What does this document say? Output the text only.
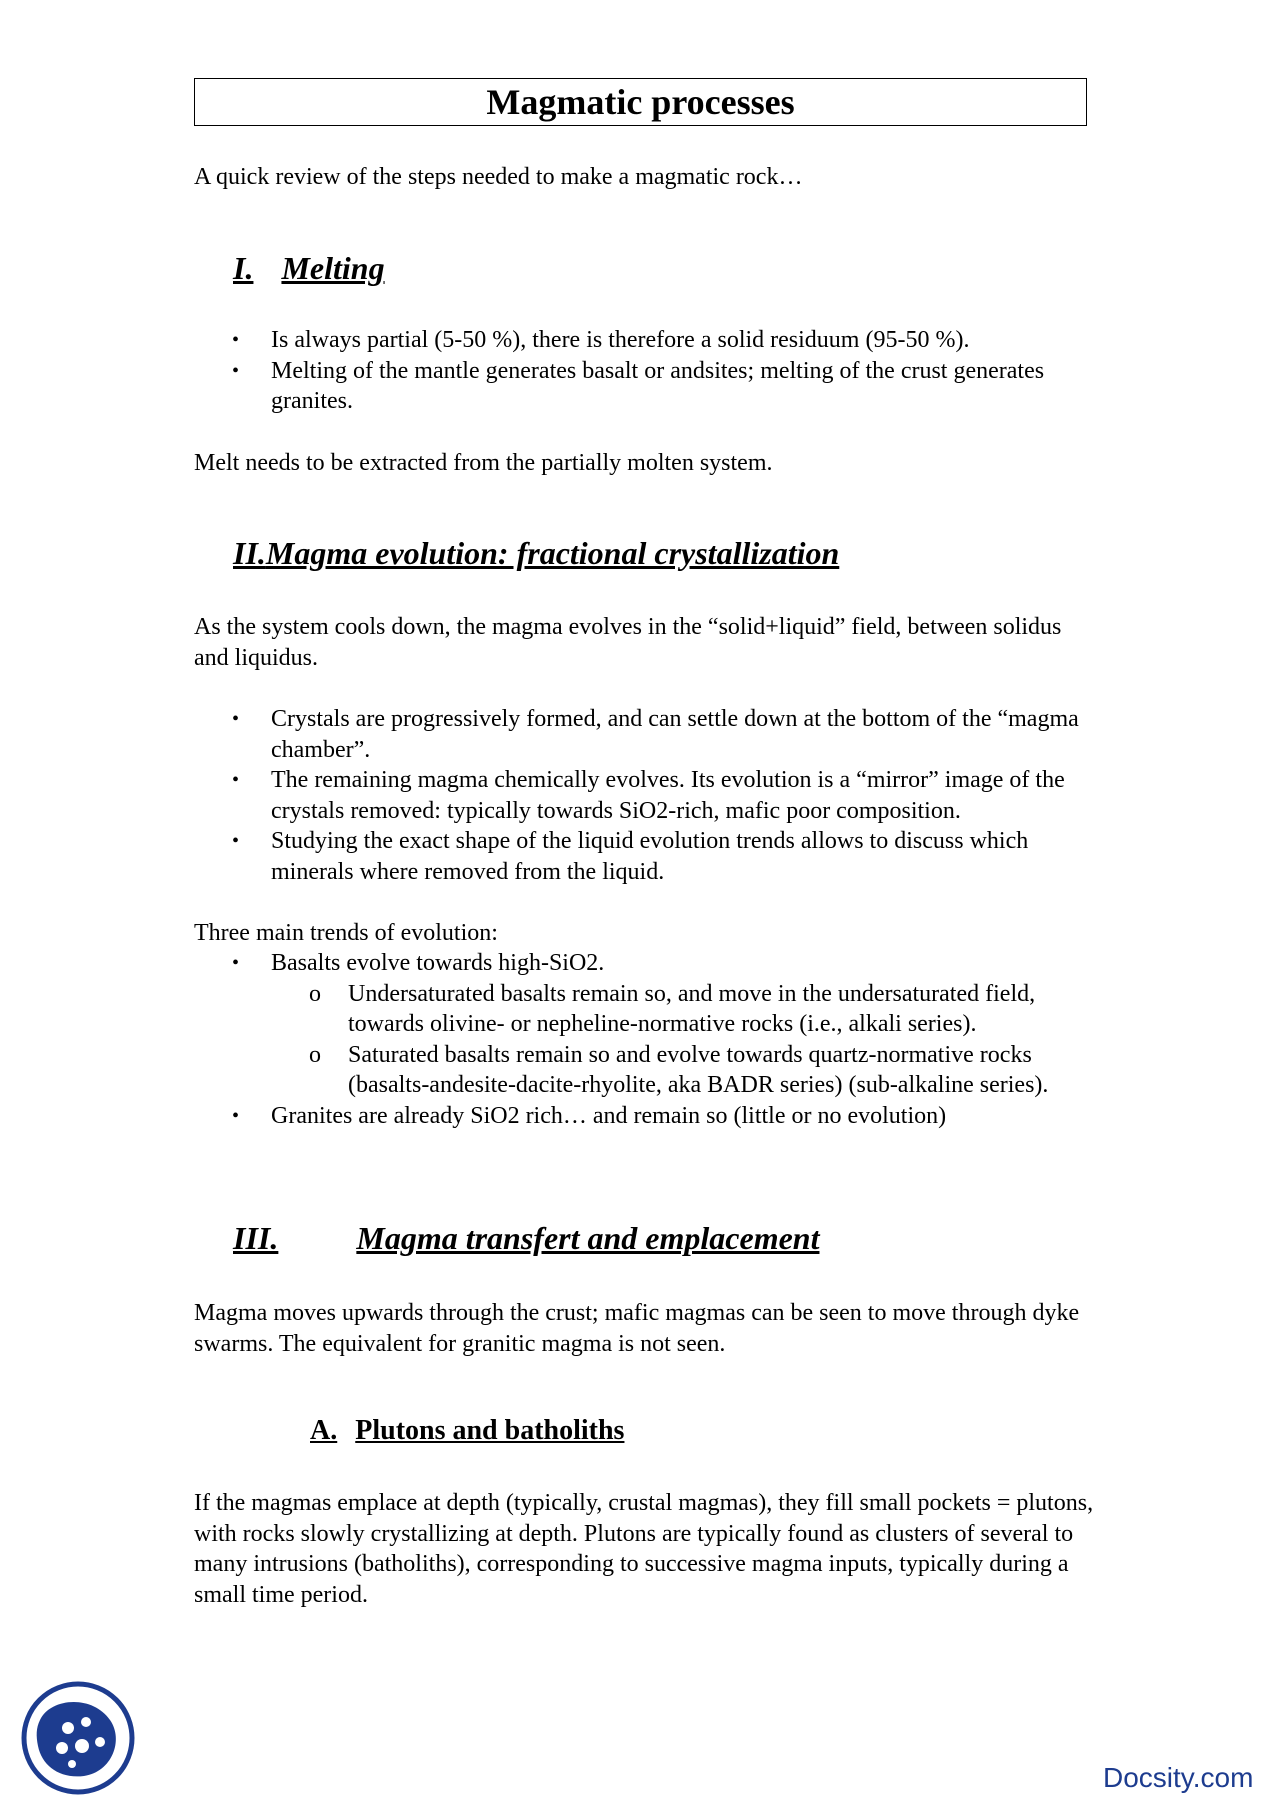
Magmatic processes

A quick review of the steps needed to make a magmatic rock…

I. Melting
• Is always partial (5-50 %), there is therefore a solid residuum (95-50 %).
• Melting of the mantle generates basalt or andsites; melting of the crust generates granites.

Melt needs to be extracted from the partially molten system.

II.Magma evolution: fractional crystallization

As the system cools down, the magma evolves in the “solid+liquid” field, between solidus and liquidus.

• Crystals are progressively formed, and can settle down at the bottom of the “magma chamber”.
• The remaining magma chemically evolves. Its evolution is a “mirror” image of the crystals removed: typically towards SiO2-rich, mafic poor composition.
• Studying the exact shape of the liquid evolution trends allows to discuss which minerals where removed from the liquid.

Three main trends of evolution:

• Basalts evolve towards high-SiO2.
o Undersaturated basalts remain so, and move in the undersaturated field, towards olivine- or nepheline-normative rocks (i.e., alkali series).
o Saturated basalts remain so and evolve towards quartz-normative rocks (basalts-andesite-dacite-rhyolite, aka BADR series) (sub-alkaline series).
• Granites are already SiO2 rich… and remain so (little or no evolution)
III. Magma transfert and emplacement

Magma moves upwards through the crust; mafic magmas can be seen to move through dyke swarms. The equivalent for granitic magma is not seen.

A. Plutons and batholiths

If the magmas emplace at depth (typically, crustal magmas), they fill small pockets = plutons, with rocks slowly crystallizing at depth. Plutons are typically found as clusters of several to many intrusions (batholiths), corresponding to successive magma inputs, typically during a small time period.

Docsity.com
